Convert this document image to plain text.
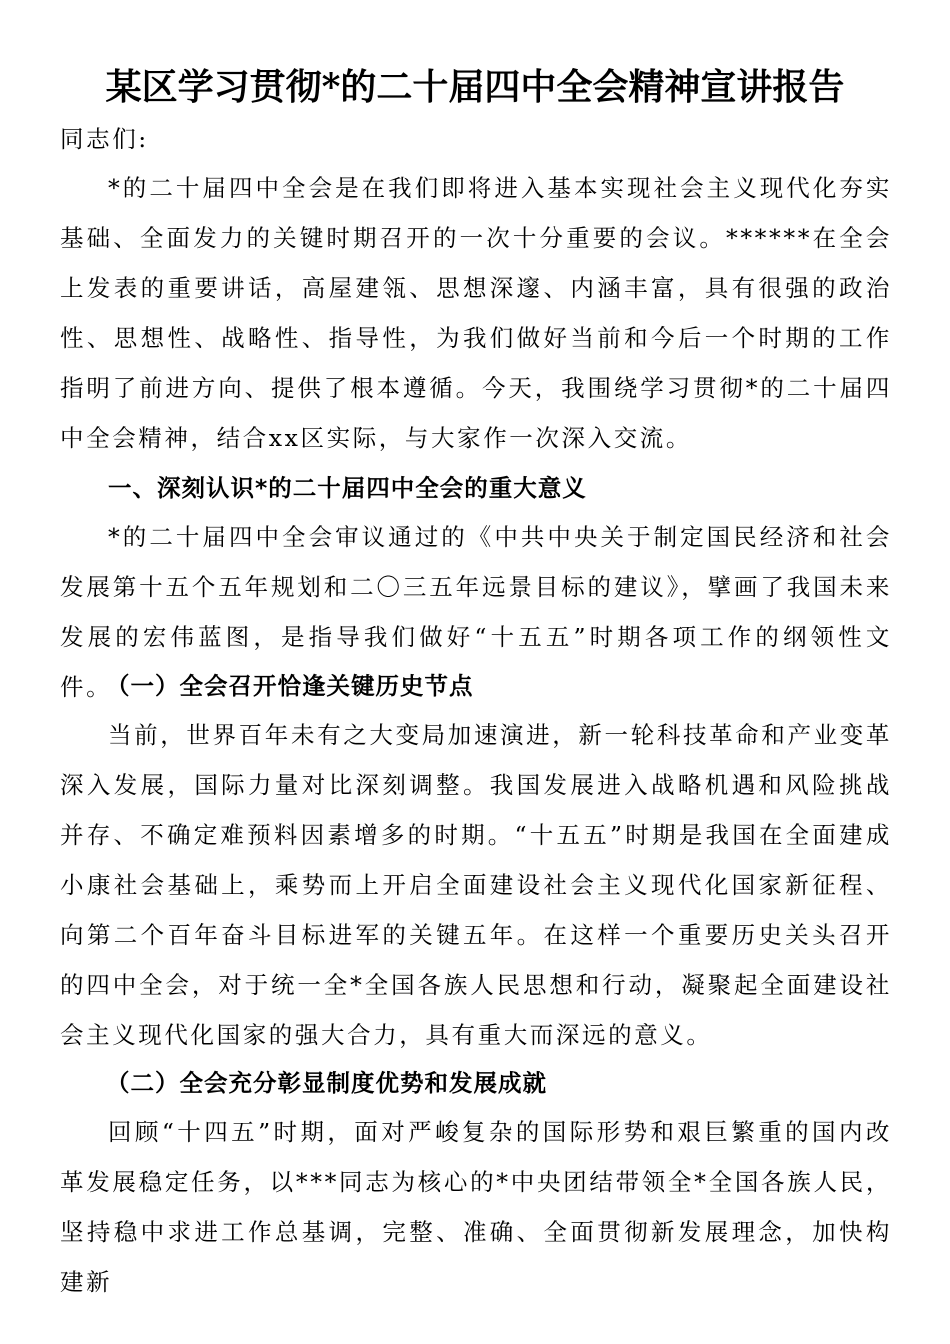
某区学习贯彻*的二十届四中全会精神宣讲报告

同志们:

*的二十届四中全会是在我们即将进入基本实现社会主义现代化夯实基础、全面发力的关键时期召开的一次十分重要的会议。******在全会上发表的重要讲话，高屋建瓴、思想深邃、内涵丰富，具有很强的政治性、思想性、战略性、指导性，为我们做好当前和今后一个时期的工作指明了前进方向、提供了根本遵循。今天，我围绕学习贯彻*的二十届四中全会精神，结合xx区实际，与大家作一次深入交流。

一、深刻认识*的二十届四中全会的重大意义

*的二十届四中全会审议通过的《中共中央关于制定国民经济和社会发展第十五个五年规划和二〇三五年远景目标的建议》，擘画了我国未来发展的宏伟蓝图，是指导我们做好“十五五”时期各项工作的纲领性文件。

（一）全会召开恰逢关键历史节点

当前，世界百年未有之大变局加速演进，新一轮科技革命和产业变革深入发展，国际力量对比深刻调整。我国发展进入战略机遇和风险挑战并存、不确定难预料因素增多的时期。“十五五”时期是我国在全面建成小康社会基础上，乘势而上开启全面建设社会主义现代化国家新征程、向第二个百年奋斗目标进军的关键五年。在这样一个重要历史关头召开的四中全会，对于统一全*全国各族人民思想和行动，凝聚起全面建设社会主义现代化国家的强大合力，具有重大而深远的意义。

（二）全会充分彰显制度优势和发展成就

回顾“十四五”时期，面对严峻复杂的国际形势和艰巨繁重的国内改革发展稳定任务，以***同志为核心的*中央团结带领全*全国各族人民，坚持稳中求进工作总基调，完整、准确、全面贯彻新发展理念，加快构建新
